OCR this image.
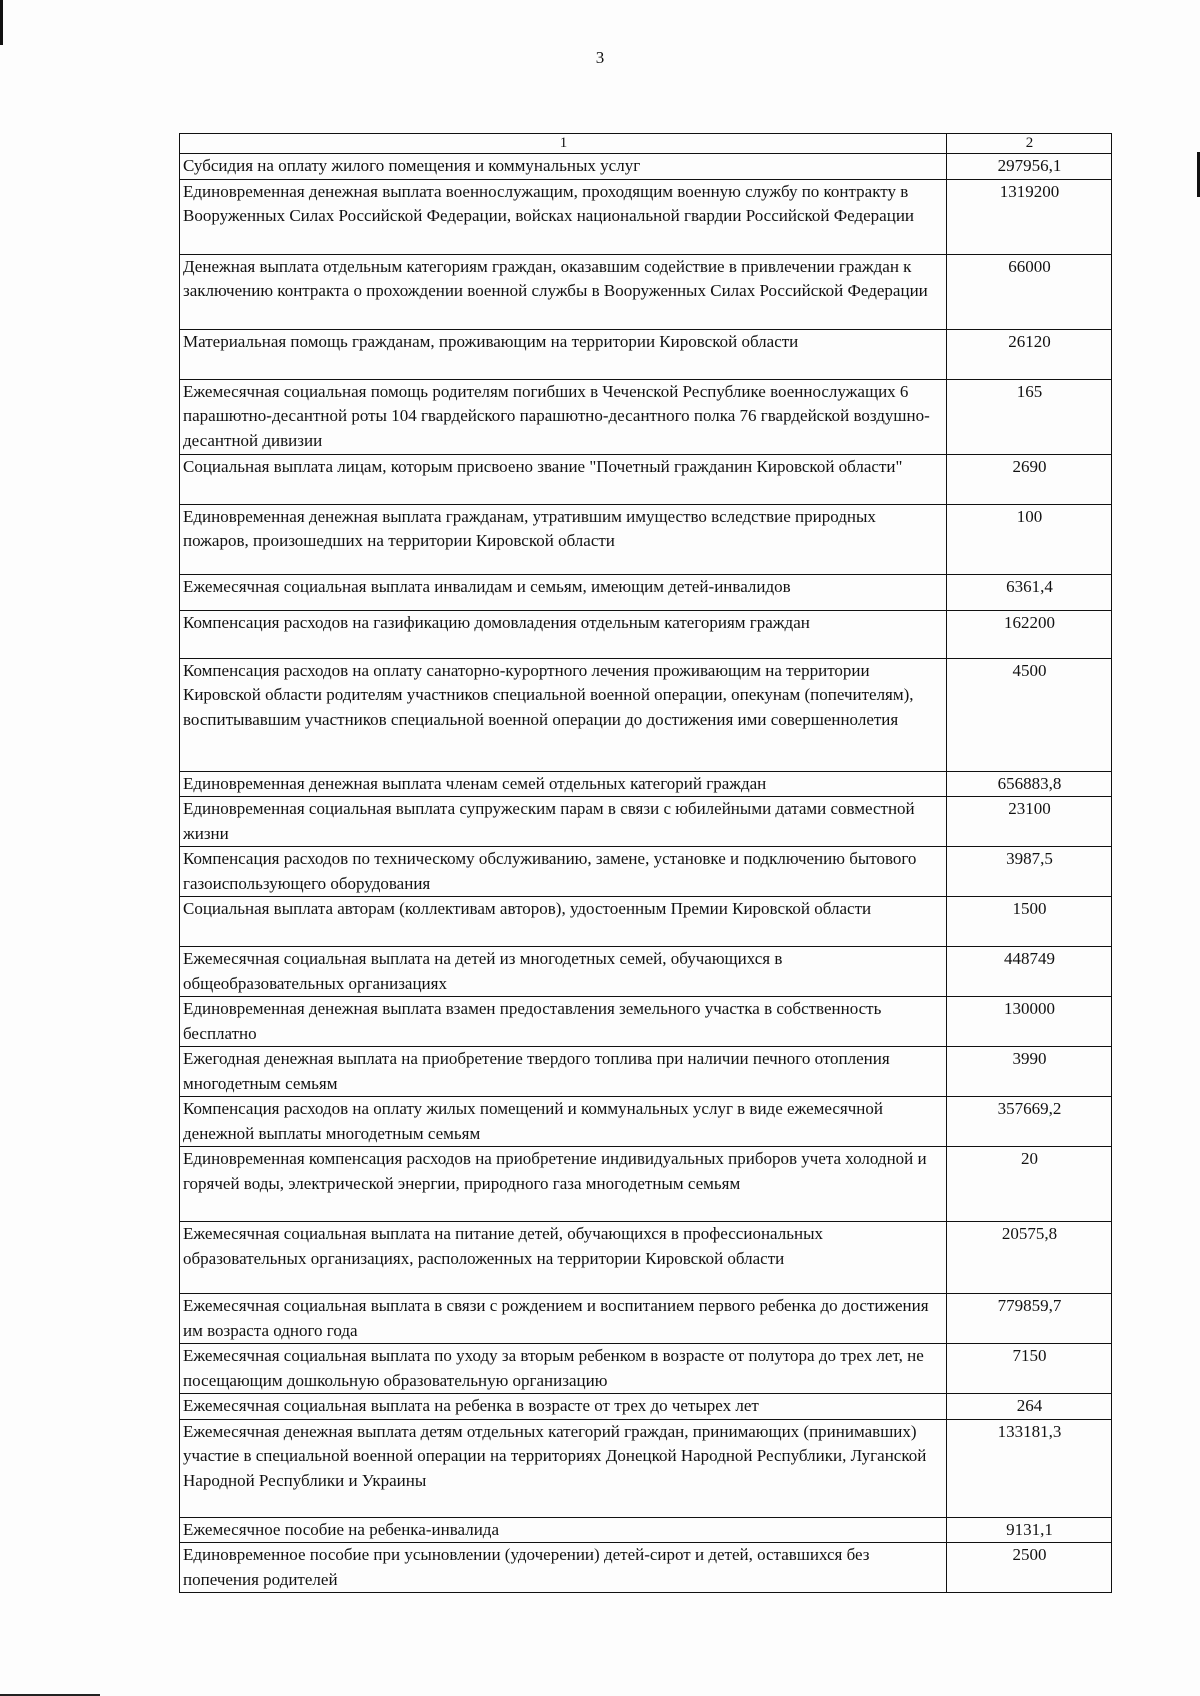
3
1	2
Субсидия на оплату жилого помещения и коммунальных услуг	297956,1
Единовременная денежная выплата военнослужащим, проходящим военную службу по контракту в Вооруженных Силах Российской Федерации, войсках национальной гвардии Российской Федерации	1319200
Денежная выплата отдельным категориям граждан, оказавшим содействие в привлечении граждан к заключению контракта о прохождении военной службы в Вооруженных Силах Российской Федерации	66000
Материальная помощь гражданам, проживающим на территории Кировской области	26120
Ежемесячная социальная помощь родителям погибших в Чеченской Республике военнослужащих 6 парашютно-десантной роты 104 гвардейского парашютно-десантного полка 76 гвардейской воздушно-десантной дивизии	165
Социальная выплата лицам, которым присвоено звание "Почетный гражданин Кировской области"	2690
Единовременная денежная выплата гражданам, утратившим имущество вследствие природных пожаров, произошедших на территории Кировской области	100
Ежемесячная социальная выплата инвалидам и семьям, имеющим детей-инвалидов	6361,4
Компенсация расходов на газификацию домовладения отдельным категориям граждан	162200
Компенсация расходов на оплату санаторно-курортного лечения проживающим на территории Кировской области родителям участников специальной военной операции, опекунам (попечителям), воспитывавшим участников специальной военной операции до достижения ими совершеннолетия	4500
Единовременная денежная выплата членам семей отдельных категорий граждан	656883,8
Единовременная социальная выплата супружеским парам в связи с юбилейными датами совместной жизни	23100
Компенсация расходов по техническому обслуживанию, замене, установке и подключению бытового газоиспользующего оборудования	3987,5
Социальная выплата авторам (коллективам авторов), удостоенным Премии Кировской области	1500
Ежемесячная социальная выплата на детей из многодетных семей, обучающихся в общеобразовательных организациях	448749
Единовременная денежная выплата взамен предоставления земельного участка в собственность бесплатно	130000
Ежегодная денежная выплата на приобретение твердого топлива при наличии печного отопления многодетным семьям	3990
Компенсация расходов на оплату жилых помещений и коммунальных услуг в виде ежемесячной денежной выплаты многодетным семьям	357669,2
Единовременная компенсация расходов на приобретение индивидуальных приборов учета холодной и горячей воды, электрической энергии, природного газа многодетным семьям	20
Ежемесячная социальная выплата на питание детей, обучающихся в профессиональных образовательных организациях, расположенных на территории Кировской области	20575,8
Ежемесячная социальная выплата в связи с рождением и воспитанием первого ребенка до достижения им возраста одного года	779859,7
Ежемесячная социальная выплата по уходу за вторым ребенком в возрасте от полутора до трех лет, не посещающим дошкольную образовательную организацию	7150
Ежемесячная социальная выплата на ребенка в возрасте от трех до четырех лет	264
Ежемесячная денежная выплата детям отдельных категорий граждан, принимающих (принимавших) участие в специальной военной операции на территориях Донецкой Народной Республики, Луганской Народной Республики и Украины	133181,3
Ежемесячное пособие на ребенка-инвалида	9131,1
Единовременное пособие при усыновлении (удочерении) детей-сирот и детей, оставшихся без попечения родителей	2500
